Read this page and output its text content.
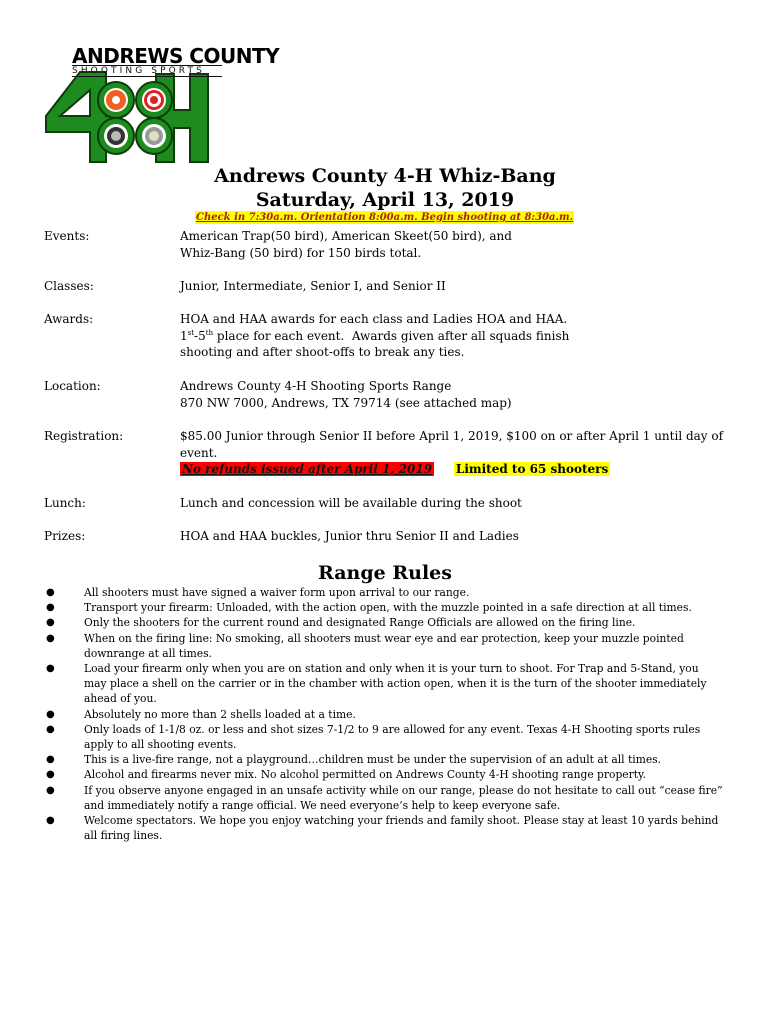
ANDREWS COUNTY
SHOOTING SPORTS
Andrews County 4-H Whiz-Bang
Saturday, April 13, 2019
Check in 7:30a.m. Orientation 8:00a.m. Begin shooting at 8:30a.m.
Events:	American Trap(50 bird), American Skeet(50 bird), and
Whiz-Bang (50 bird) for 150 birds total.
Classes:	Junior, Intermediate, Senior I, and Senior II
Awards:	HOA and HAA awards for each class and Ladies HOA and HAA.
1st-5th place for each event.  Awards given after all squads finish
shooting and after shoot-offs to break any ties.
Location:	Andrews County 4-H Shooting Sports Range
870 NW 7000, Andrews, TX 79714 (see attached map)
Registration:	$85.00 Junior through Senior II before April 1, 2019, $100 on or after April 1 until day of
event.
No refunds issued after April 1, 2019 Limited to 65 shooters
Lunch:	Lunch and concession will be available during the shoot
Prizes:	HOA and HAA buckles, Junior thru Senior II and Ladies
Range Rules
●	All shooters must have signed a waiver form upon arrival to our range.
●	Transport your firearm: Unloaded, with the action open, with the muzzle pointed in a safe direction at all times.
●	Only the shooters for the current round and designated Range Officials are allowed on the firing line.
●	When on the firing line: No smoking, all shooters must wear eye and ear protection, keep your muzzle pointed downrange at all times.
●	Load your firearm only when you are on station and only when it is your turn to shoot. For Trap and 5-Stand, you may place a shell on the carrier or in the chamber with action open, when it is the turn of the shooter immediately ahead of you.
●	Absolutely no more than 2 shells loaded at a time.
●	Only loads of 1-1/8 oz. or less and shot sizes 7-1/2 to 9 are allowed for any event. Texas 4-H Shooting sports rules apply to all shooting events.
●	This is a live-fire range, not a playground…children must be under the supervision of an adult at all times.
●	Alcohol and firearms never mix. No alcohol permitted on Andrews County 4-H shooting range property.
●	If you observe anyone engaged in an unsafe activity while on our range, please do not hesitate to call out “cease fire” and immediately notify a range official. We need everyone’s help to keep everyone safe.
●	Welcome spectators. We hope you enjoy watching your friends and family shoot. Please stay at least 10 yards behind all firing lines.
